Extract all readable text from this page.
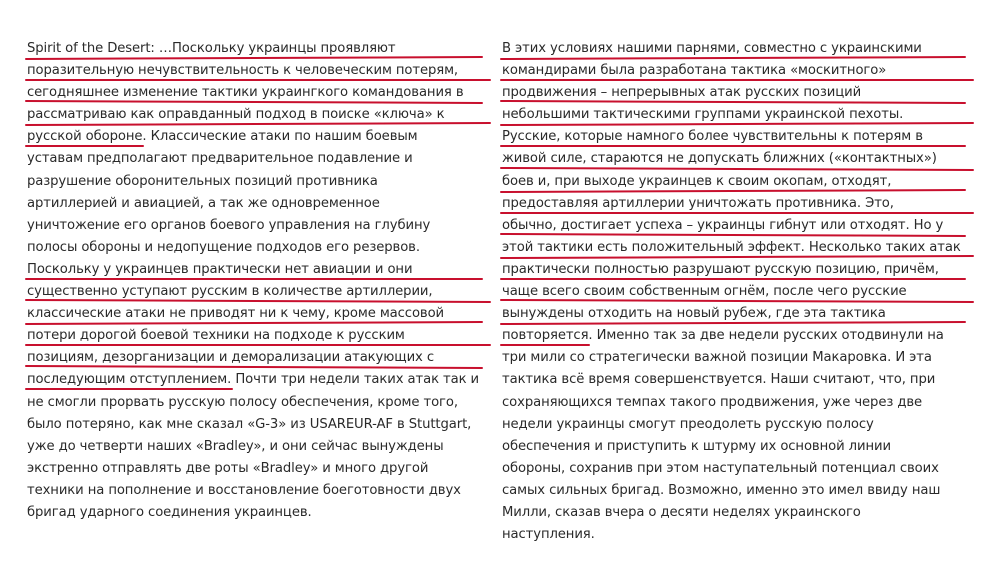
Spirit of the Desert: …Поскольку украинцы проявляют
поразительную нечувствительность к человеческим потерям,
сегодняшнее изменение тактики украингкого командования в
рассматриваю как оправданный подход в поиске «ключа» к
русской обороне. Классические атаки по нашим боевым
уставам предполагают предварительное подавление и
разрушение оборонительных позиций противника
артиллерией и авиацией, а так же одновременное
уничтожение его органов боевого управления на глубину
полосы обороны и недопущение подходов его резервов.
Поскольку у украинцев практически нет авиации и они
существенно уступают русским в количестве артиллерии,
классические атаки не приводят ни к чему, кроме массовой
потери дорогой боевой техники на подходе к русским
позициям, дезорганизации и деморализации атакующих с
последующим отступлением. Почти три недели таких атак так и
не смогли прорвать русскую полосу обеспечения, кроме того,
было потеряно, как мне сказал «G-3» из USAREUR-AF в Stuttgart,
уже до четверти наших «Bradley», и они сейчас вынуждены
экстренно отправлять две роты «Bradley» и много другой
техники на пополнение и восстановление боеготовности двух
бригад ударного соединения украинцев.
В этих условиях нашими парнями, совместно с украинскими
командирами была разработана тактика «москитного»
продвижения – непрерывных атак русских позиций
небольшими тактическими группами украинской пехоты.
Русские, которые намного более чувствительны к потерям в
живой силе, стараются не допускать ближних («контактных»)
боев и, при выходе украинцев к своим окопам, отходят,
предоставляя артиллерии уничтожать противника. Это,
обычно, достигает успеха – украинцы гибнут или отходят. Но у
этой тактики есть положительный эффект. Несколько таких атак
практически полностью разрушают русскую позицию, причём,
чаще всего своим собственным огнём, после чего русские
вынуждены отходить на новый рубеж, где эта тактика
повторяется. Именно так за две недели русских отодвинули на
три мили со стратегически важной позиции Макаровка. И эта
тактика всё время совершенствуется. Наши считают, что, при
сохраняющихся темпах такого продвижения, уже через две
недели украинцы смогут преодолеть русскую полосу
обеспечения и приступить к штурму их основной линии
обороны, сохранив при этом наступательный потенциал своих
самых сильных бригад. Возможно, именно это имел ввиду наш
Милли, сказав вчера о десяти неделях украинского
наступления.
